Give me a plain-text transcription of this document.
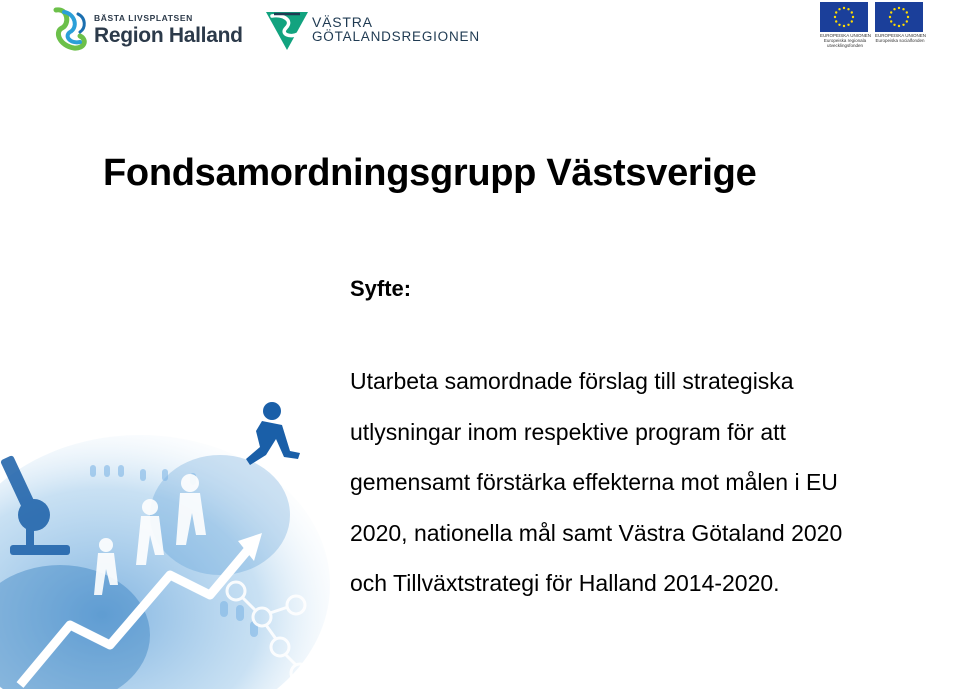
BÄSTA LIVSPLATSEN
Region Halland
VÄSTRA
GÖTALANDSREGIONEN	EUROPEISKA UNIONEN
Europeiska regionala
utvecklingsfonden
EUROPEISKA UNIONEN
Europeiska socialfonden
Fondsamordningsgrupp Västsverige
Syfte:
Utarbeta samordnade förslag till strategiska
utlysningar inom respektive program för att
gemensamt förstärka effekterna mot målen i EU
2020, nationella mål samt Västra Götaland 2020
och Tillväxtstrategi för Halland 2014-2020.
